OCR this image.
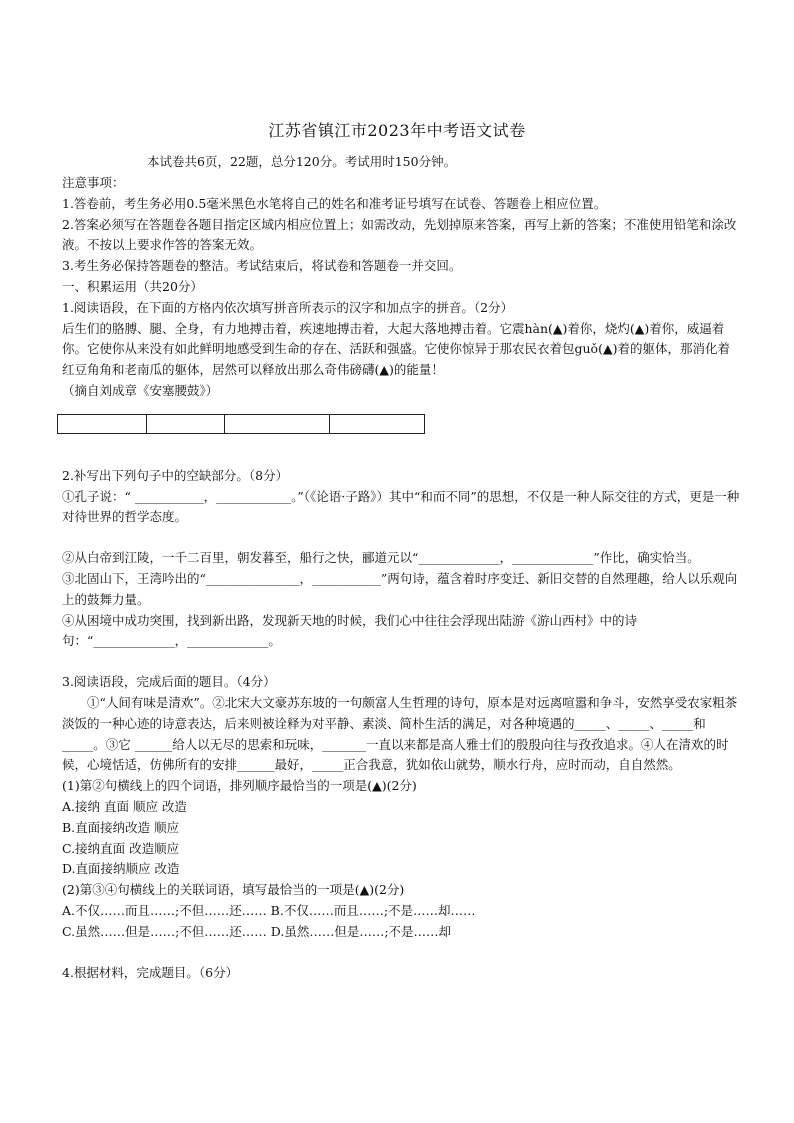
江苏省镇江市2023年中考语文试卷
本试卷共6页，22题，总分120分。考试用时150分钟。

注意事项：

1.答卷前，考生务必用0.5毫米黑色水笔将自己的姓名和准考证号填写在试卷、答题卷上相应位置。

2.答案必须写在答题卷各题目指定区域内相应位置上；如需改动，先划掉原来答案，再写上新的答案；不准使用铅笔和涂改液。不按以上要求作答的答案无效。

3.考生务必保持答题卷的整洁。考试结束后，将试卷和答题卷一并交回。

一、积累运用（共20分）

1.阅读语段，在下面的方格内依次填写拼音所表示的汉字和加点字的拼音。（2分）

后生们的胳膊、腿、全身，有力地搏击着，疾速地搏击着，大起大落地搏击着。它震hàn(▲)着你，烧灼(▲)着你，威逼着你。它使你从来没有如此鲜明地感受到生命的存在、活跃和强盛。它使你惊异于那农民衣着包guǒ(▲)着的躯体，那消化着红豆角角和老南瓜的躯体，居然可以释放出那么奇伟磅礴(▲)的能量！

（摘自刘成章《安塞腰鼓》）

2.补写出下列句子中的空缺部分。（8分）

①孔子说：“ ___________，____________。”（《论语·子路》）其中“和而不同”的思想，不仅是一种人际交往的方式，更是一种对待世界的哲学态度。

②从白帝到江陵，一千二百里，朝发暮至，船行之快，郦道元以“_____________，_____________”作比，确实恰当。

③北固山下，王湾吟出的“_______________，___________”两句诗，蕴含着时序变迁、新旧交替的自然理趣，给人以乐观向上的鼓舞力量。

④从困境中成功突围，找到新出路，发现新天地的时候，我们心中往往会浮现出陆游《游山西村》中的诗句：“_____________，_____________。

3.阅读语段，完成后面的题目。（4分）

①“人间有味是清欢”。②北宋大文豪苏东坡的一句颇富人生哲理的诗句，原本是对远离喧嚣和争斗，安然享受农家粗茶淡饭的一种心迹的诗意表达，后来则被诠释为对平静、素淡、简朴生活的满足，对各种境遇的_____、_____、_____和_____。③它 ______给人以无尽的思索和玩味，_______一直以来都是高人雅士们的殷殷向往与孜孜追求。④人在清欢的时候，心境恬适，仿佛所有的安排______最好，_____正合我意，犹如依山就势，顺水行舟，应时而动，自自然然。

(1)第②句横线上的四个词语，排列顺序最恰当的一项是(▲)(2分)

A.接纳 直面 顺应 改造

B.直面接纳改造 顺应

C.接纳直面 改造顺应

D.直面接纳顺应 改造

(2)第③④句横线上的关联词语，填写最恰当的一项是(▲)(2分)

A.不仅……而且……;不但……还…… B.不仅……而且……;不是……却……

C.虽然……但是……;不但……还…… D.虽然……但是……;不是……却

4.根据材料，完成题目。（6分）
